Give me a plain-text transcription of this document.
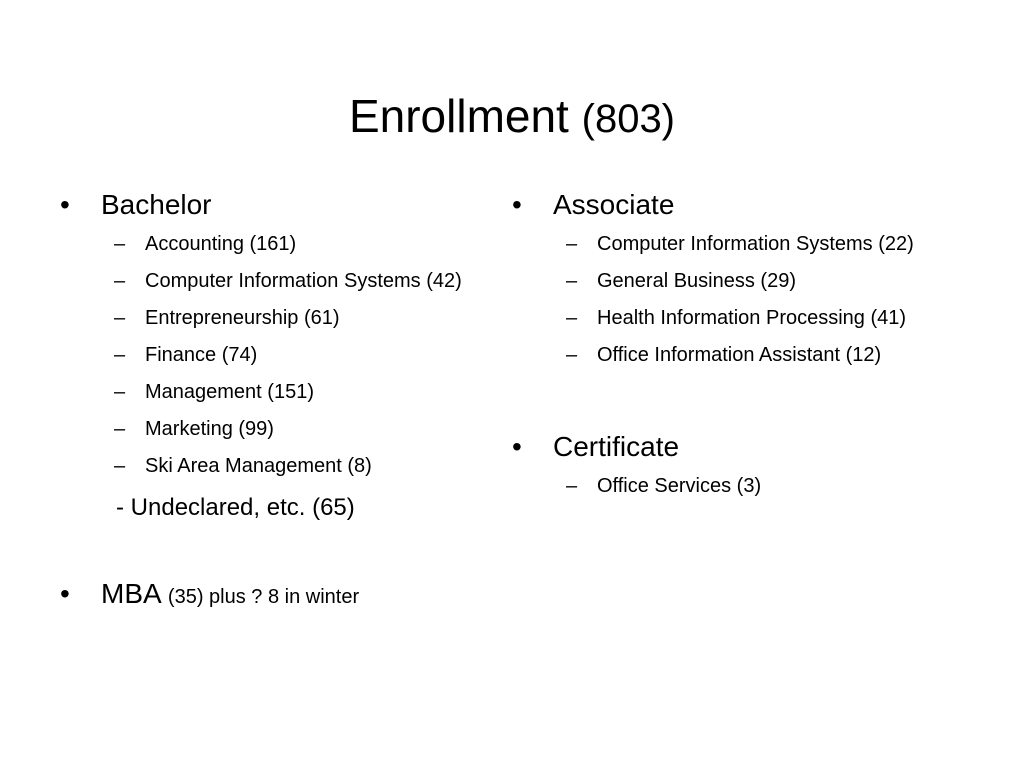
Enrollment (803)
• Bachelor
– Accounting (161)
– Computer Information Systems (42)
– Entrepreneurship (61)
– Finance (74)
– Management (151)
– Marketing (99)
– Ski Area Management (8)
- Undeclared, etc. (65)
• MBA (35) plus ? 8 in winter
• Associate
– Computer Information Systems (22)
– General Business (29)
– Health Information Processing (41)
– Office Information Assistant (12)
• Certificate
– Office Services (3)
